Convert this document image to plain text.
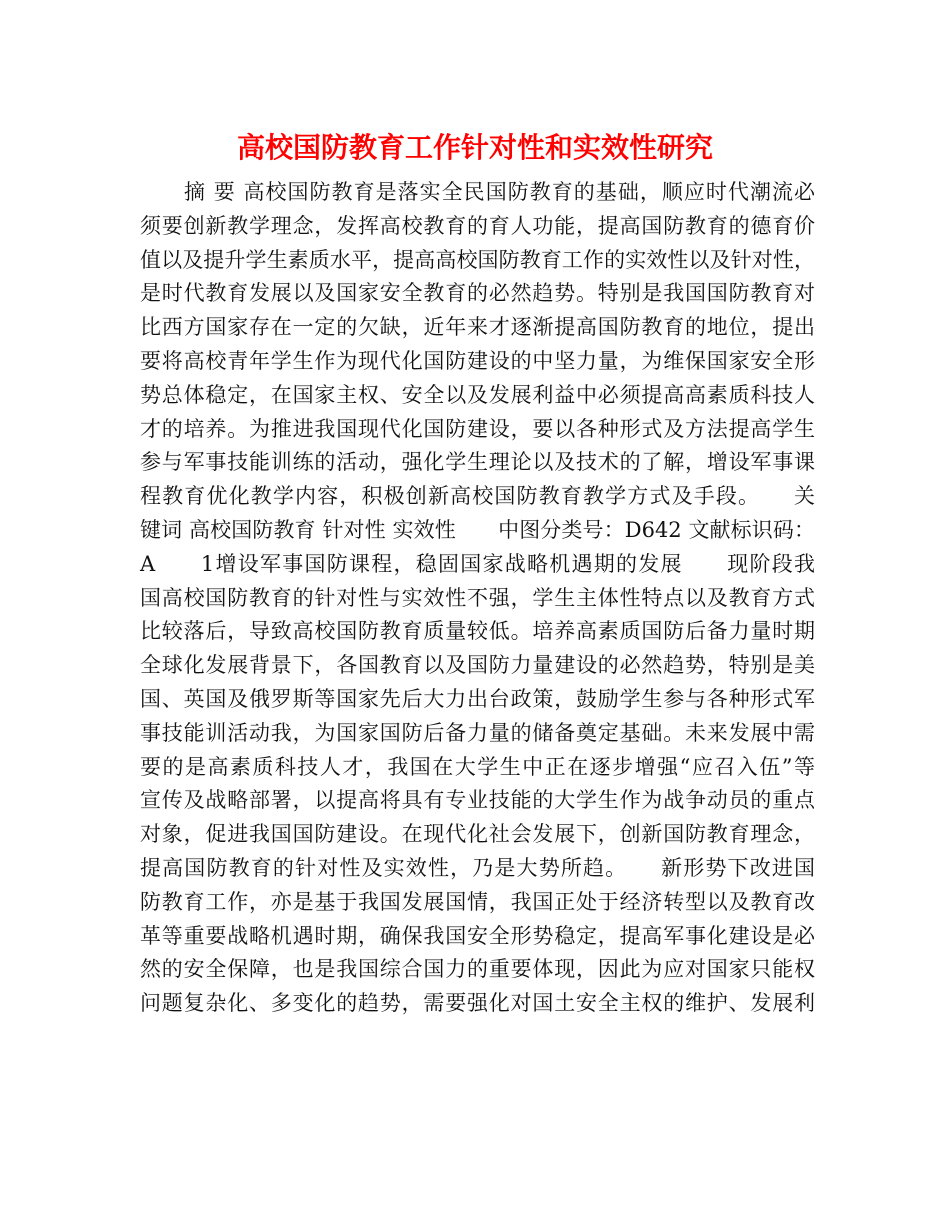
高校国防教育工作针对性和实效性研究
　　摘 要 高校国防教育是落实全民国防教育的基础，顺应时代潮流必
须要创新教学理念，发挥高校教育的育人功能，提高国防教育的德育价
值以及提升学生素质水平，提高高校国防教育工作的实效性以及针对性，
是时代教育发展以及国家安全教育的必然趋势。特别是我国国防教育对
比西方国家存在一定的欠缺，近年来才逐渐提高国防教育的地位，提出
要将高校青年学生作为现代化国防建设的中坚力量，为维保国家安全形
势总体稳定，在国家主权、安全以及发展利益中必须提高高素质科技人
才的培养。为推进我国现代化国防建设，要以各种形式及方法提高学生
参与军事技能训练的活动，强化学生理论以及技术的了解，增设军事课
程教育优化教学内容，积极创新高校国防教育教学方式及手段。　　关
键词 高校国防教育 针对性 实效性　　中图分类号：D642 文献标识码：
A　　1增设军事国防课程，稳固国家战略机遇期的发展　　现阶段我
国高校国防教育的针对性与实效性不强，学生主体性特点以及教育方式
比较落后，导致高校国防教育质量较低。培养高素质国防后备力量时期
全球化发展背景下，各国教育以及国防力量建设的必然趋势，特别是美
国、英国及俄罗斯等国家先后大力出台政策，鼓励学生参与各种形式军
事技能训活动我，为国家国防后备力量的储备奠定基础。未来发展中需
要的是高素质科技人才，我国在大学生中正在逐步增强“应召入伍”等
宣传及战略部署，以提高将具有专业技能的大学生作为战争动员的重点
对象，促进我国国防建设。在现代化社会发展下，创新国防教育理念，
提高国防教育的针对性及实效性，乃是大势所趋。　　新形势下改进国
防教育工作，亦是基于我国发展国情，我国正处于经济转型以及教育改
革等重要战略机遇时期，确保我国安全形势稳定，提高军事化建设是必
然的安全保障，也是我国综合国力的重要体现，因此为应对国家只能权
问题复杂化、多变化的趋势，需要强化对国土安全主权的维护、发展利
